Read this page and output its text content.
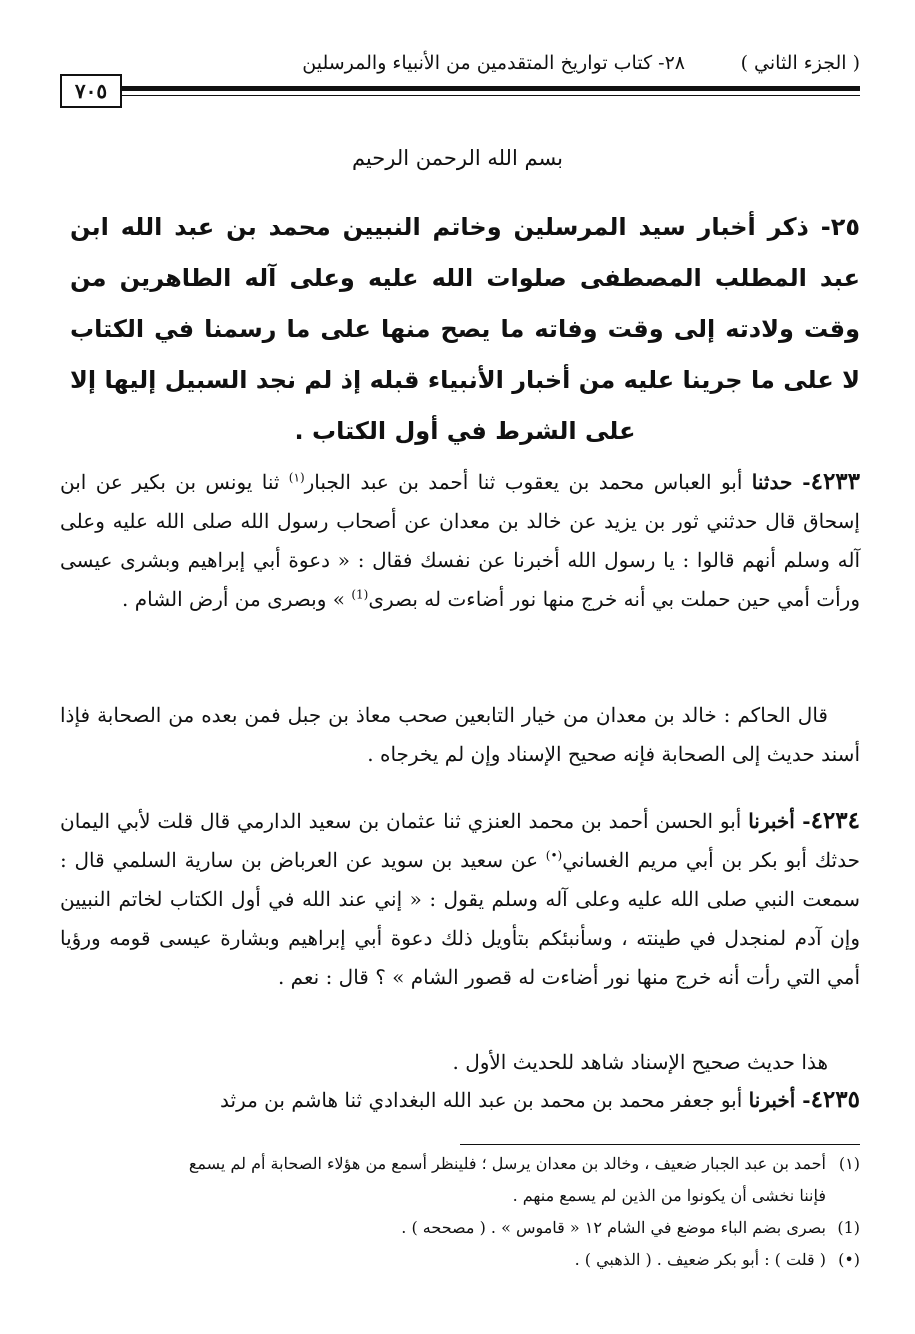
( الجزء الثاني )
٢٨- كتاب تواريخ المتقدمين من الأنبياء والمرسلين
٧٠٥
بسم الله الرحمن الرحيم
٢٥- ذكر أخبار سيد المرسلين وخاتم النبيين محمد بن عبد الله ابن عبد المطلب المصطفى صلوات الله عليه وعلى آله الطاهرين من وقت ولادته إلى وقت وفاته ما يصح منها على ما رسمنا في الكتاب لا على ما جرينا عليه من أخبار الأنبياء قبله إذ لم نجد السبيل إليها إلا على الشرط في أول الكتاب .

٤٢٣٣- حدثنا أبو العباس محمد بن يعقوب ثنا أحمد بن عبد الجبار$^{(١)}$ ثنا يونس بن بكير عن ابن إسحاق قال حدثني ثور بن يزيد عن خالد بن معدان عن أصحاب رسول الله صلى الله عليه وعلى آله وسلم أنهم قالوا : يا رسول الله أخبرنا عن نفسك فقال : « دعوة أبي إبراهيم وبشرى عيسى ورأت أمي حين حملت بي أنه خرج منها نور أضاءت له بصرى$^{(1)}$ » وبصرى من أرض الشام .

قال الحاكم : خالد بن معدان من خيار التابعين صحب معاذ بن جبل فمن بعده من الصحابة فإذا أسند حديث إلى الصحابة فإنه صحيح الإسناد وإن لم يخرجاه .

٤٢٣٤- أخبرنا أبو الحسن أحمد بن محمد العنزي ثنا عثمان بن سعيد الدارمي قال قلت لأبي اليمان حدثك أبو بكر بن أبي مريم الغساني(•) عن سعيد بن سويد عن العرباض بن سارية السلمي قال : سمعت النبي صلى الله عليه وعلى آله وسلم يقول : « إني عند الله في أول الكتاب لخاتم النبيين وإن آدم لمنجدل في طينته ، وسأنبئكم بتأويل ذلك دعوة أبي إبراهيم وبشارة عيسى قومه ورؤيا أمي التي رأت أنه خرج منها نور أضاءت له قصور الشام » ؟ قال : نعم .

هذا حديث صحيح الإسناد شاهد للحديث الأول .

٤٢٣٥- أخبرنا أبو جعفر محمد بن محمد بن عبد الله البغدادي ثنا هاشم بن مرثد

(١)أحمد بن عبد الجبار ضعيف ، وخالد بن معدان يرسل ؛ فلينظر أسمع من هؤلاء الصحابة أم لم يسمع

فإننا نخشى أن يكونوا من الذين لم يسمع منهم .

(1)بصرى بضم الباء موضع في الشام ١٢ « قاموس » . ( مصححه ) .

(•)( قلت ) : أبو بكر ضعيف . ( الذهبي ) .
